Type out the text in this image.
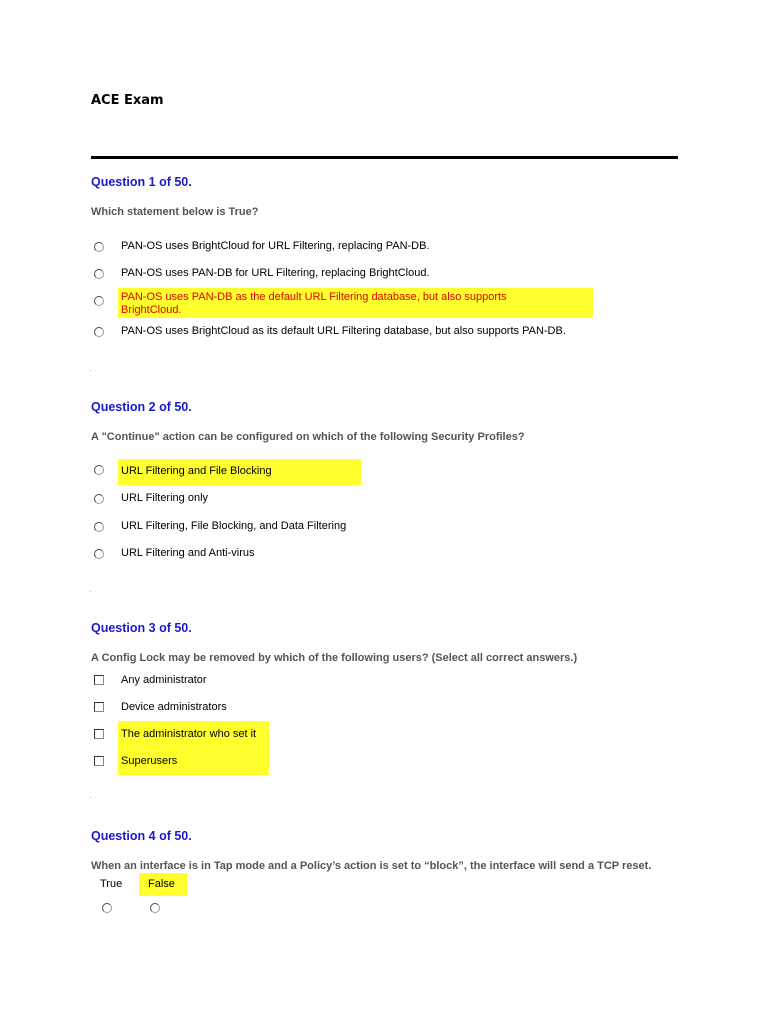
ACE Exam
Question 1 of 50.
Which statement below is True?
PAN-OS uses BrightCloud for URL Filtering, replacing PAN-DB.
PAN-OS uses PAN-DB for URL Filtering, replacing BrightCloud.
PAN-OS uses PAN-DB as the default URL Filtering database, but also supports
BrightCloud.
PAN-OS uses BrightCloud as its default URL Filtering database, but also supports PAN-DB.
Question 2 of 50.
A "Continue" action can be configured on which of the following Security Profiles?
URL Filtering and File Blocking
URL Filtering only
URL Filtering, File Blocking, and Data Filtering
URL Filtering and Anti-virus
Question 3 of 50.
A Config Lock may be removed by which of the following users? (Select all correct answers.)
Any administrator
Device administrators
The administrator who set it
Superusers
Question 4 of 50.
When an interface is in Tap mode and a Policy’s action is set to “block”, the interface will send a TCP reset.
True False
